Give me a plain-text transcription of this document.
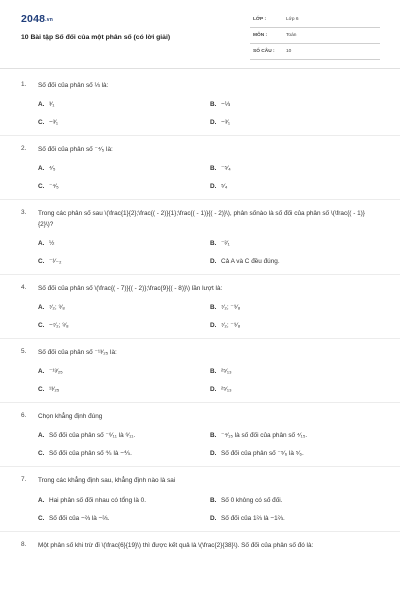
2048.vn
10 Bài tập Số đối của một phân số (có lời giải)
LỚP :	Lớp 6
MÔN :	Toán
SỐ CÂU : 10
1. Số đối của phân số ⅓ là:
A. ³⁄₁	B. −⅓
C. −³⁄₁	D. −³⁄₁
2. Số đối của phân số ⁻⁴⁄₅ là:
A. ⁴⁄₅	B. ⁻⁵⁄₄
C. ⁻⁴⁄₅	D. ⁵⁄₄
3. Trong các phân số sau \(\frac{1}{2};\frac{( - 2)}{1};\frac{( - 1)}{( - 2)}\), phân sốnào là số đối của phân số \(\frac{( - 1)}{2}\)?
A. ½	B. ⁻²⁄₁
C. ⁻¹⁄₋₂	D. Cả A và C đều đúng.
4. Số đối của phân số \(\frac{( - 7)}{( - 2)};\frac{9}{( - 8)}\) lần lượt là:
A. ⁷⁄₂; ⁹⁄₈	B. ⁷⁄₂; ⁻⁹⁄₈
C. −⁷⁄₂; ⁹⁄₈	D. ⁷⁄₂; ⁻⁹⁄₈
5. Số đối của phân số ⁻¹³⁄₂₅ là:
A. ⁻¹³⁄₂₅	B. ²⁵⁄₁₃
C. ¹³⁄₂₅	D. ²⁵⁄₁₃
6. Chọn khẳng định đúng
A. Số đối của phân số ⁻⁶⁄₁₁ là ⁶⁄₁₁.	B. ⁻⁴⁄₁₅ là số đối của phân số ⁴⁄₁₅.
C. Số đối của phân số ⅘ là −⅘.	D. Số đối của phân số ⁻⁵⁄₆ là ⁵⁄₆.
7. Trong các khẳng định sau, khẳng định nào là sai
A. Hai phân số đối nhau có tổng là 0.	B. Số 0 không có số đối.
C. Số đối của −⅔ là −⅔.	D. Số đối của 1⅔ là −1⅔.
8. Một phân số khi trừ đi \(\frac{6}{19}\) thì được kết quả là \(\frac{2}{38}\). Số đối của phân số đó là:
